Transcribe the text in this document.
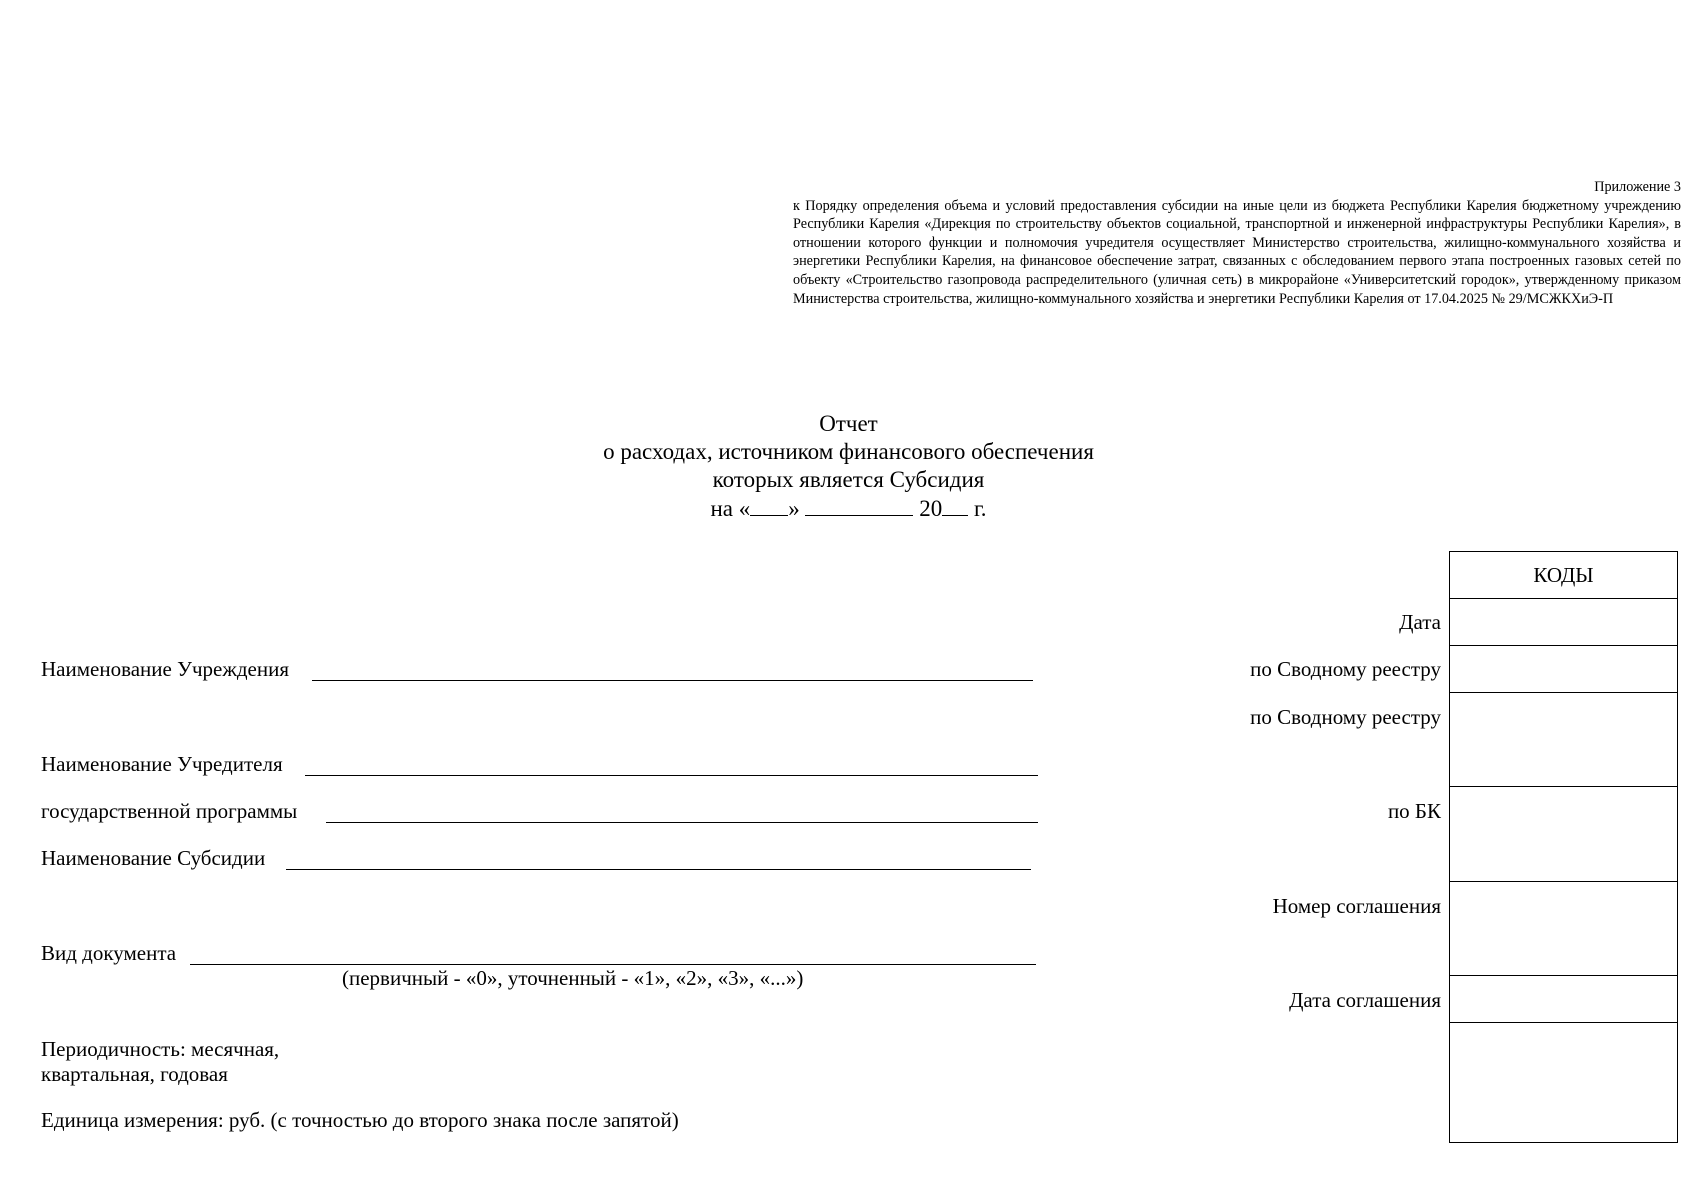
Приложение 3
к Порядку определения объема и условий предоставления субсидии на иные цели из бюджета Республики Карелия бюджетному учреждению Республики Карелия «Дирекция по строительству объектов социальной, транспортной и инженерной инфраструктуры Республики Карелия», в отношении которого функции и полномочия учредителя осуществляет Министерство строительства, жилищно-коммунального хозяйства и энергетики Республики Карелия, на финансовое обеспечение затрат, связанных с обследованием первого этапа построенных газовых сетей по объекту «Строительство газопровода распределительного (уличная сеть) в микрорайоне «Университетский городок», утвержденному приказом Министерства строительства, жилищно-коммунального хозяйства и энергетики Республики Карелия от 17.04.2025 № 29/МСЖКХиЭ-П
Отчет
о расходах, источником финансового обеспечения
которых является Субсидия
на « »	20 г.
Наименование Учреждения
Наименование Учредителя
государственной программы
Наименование Субсидии
Вид документа
(первичный - «0», уточненный - «1», «2», «3», «...»)
Периодичность: месячная,
квартальная, годовая
Единица измерения: руб. (с точностью до второго знака после запятой)
Дата
по Сводному реестру
по Сводному реестру
по БК
Номер соглашения
Дата соглашения
КОДЫ
